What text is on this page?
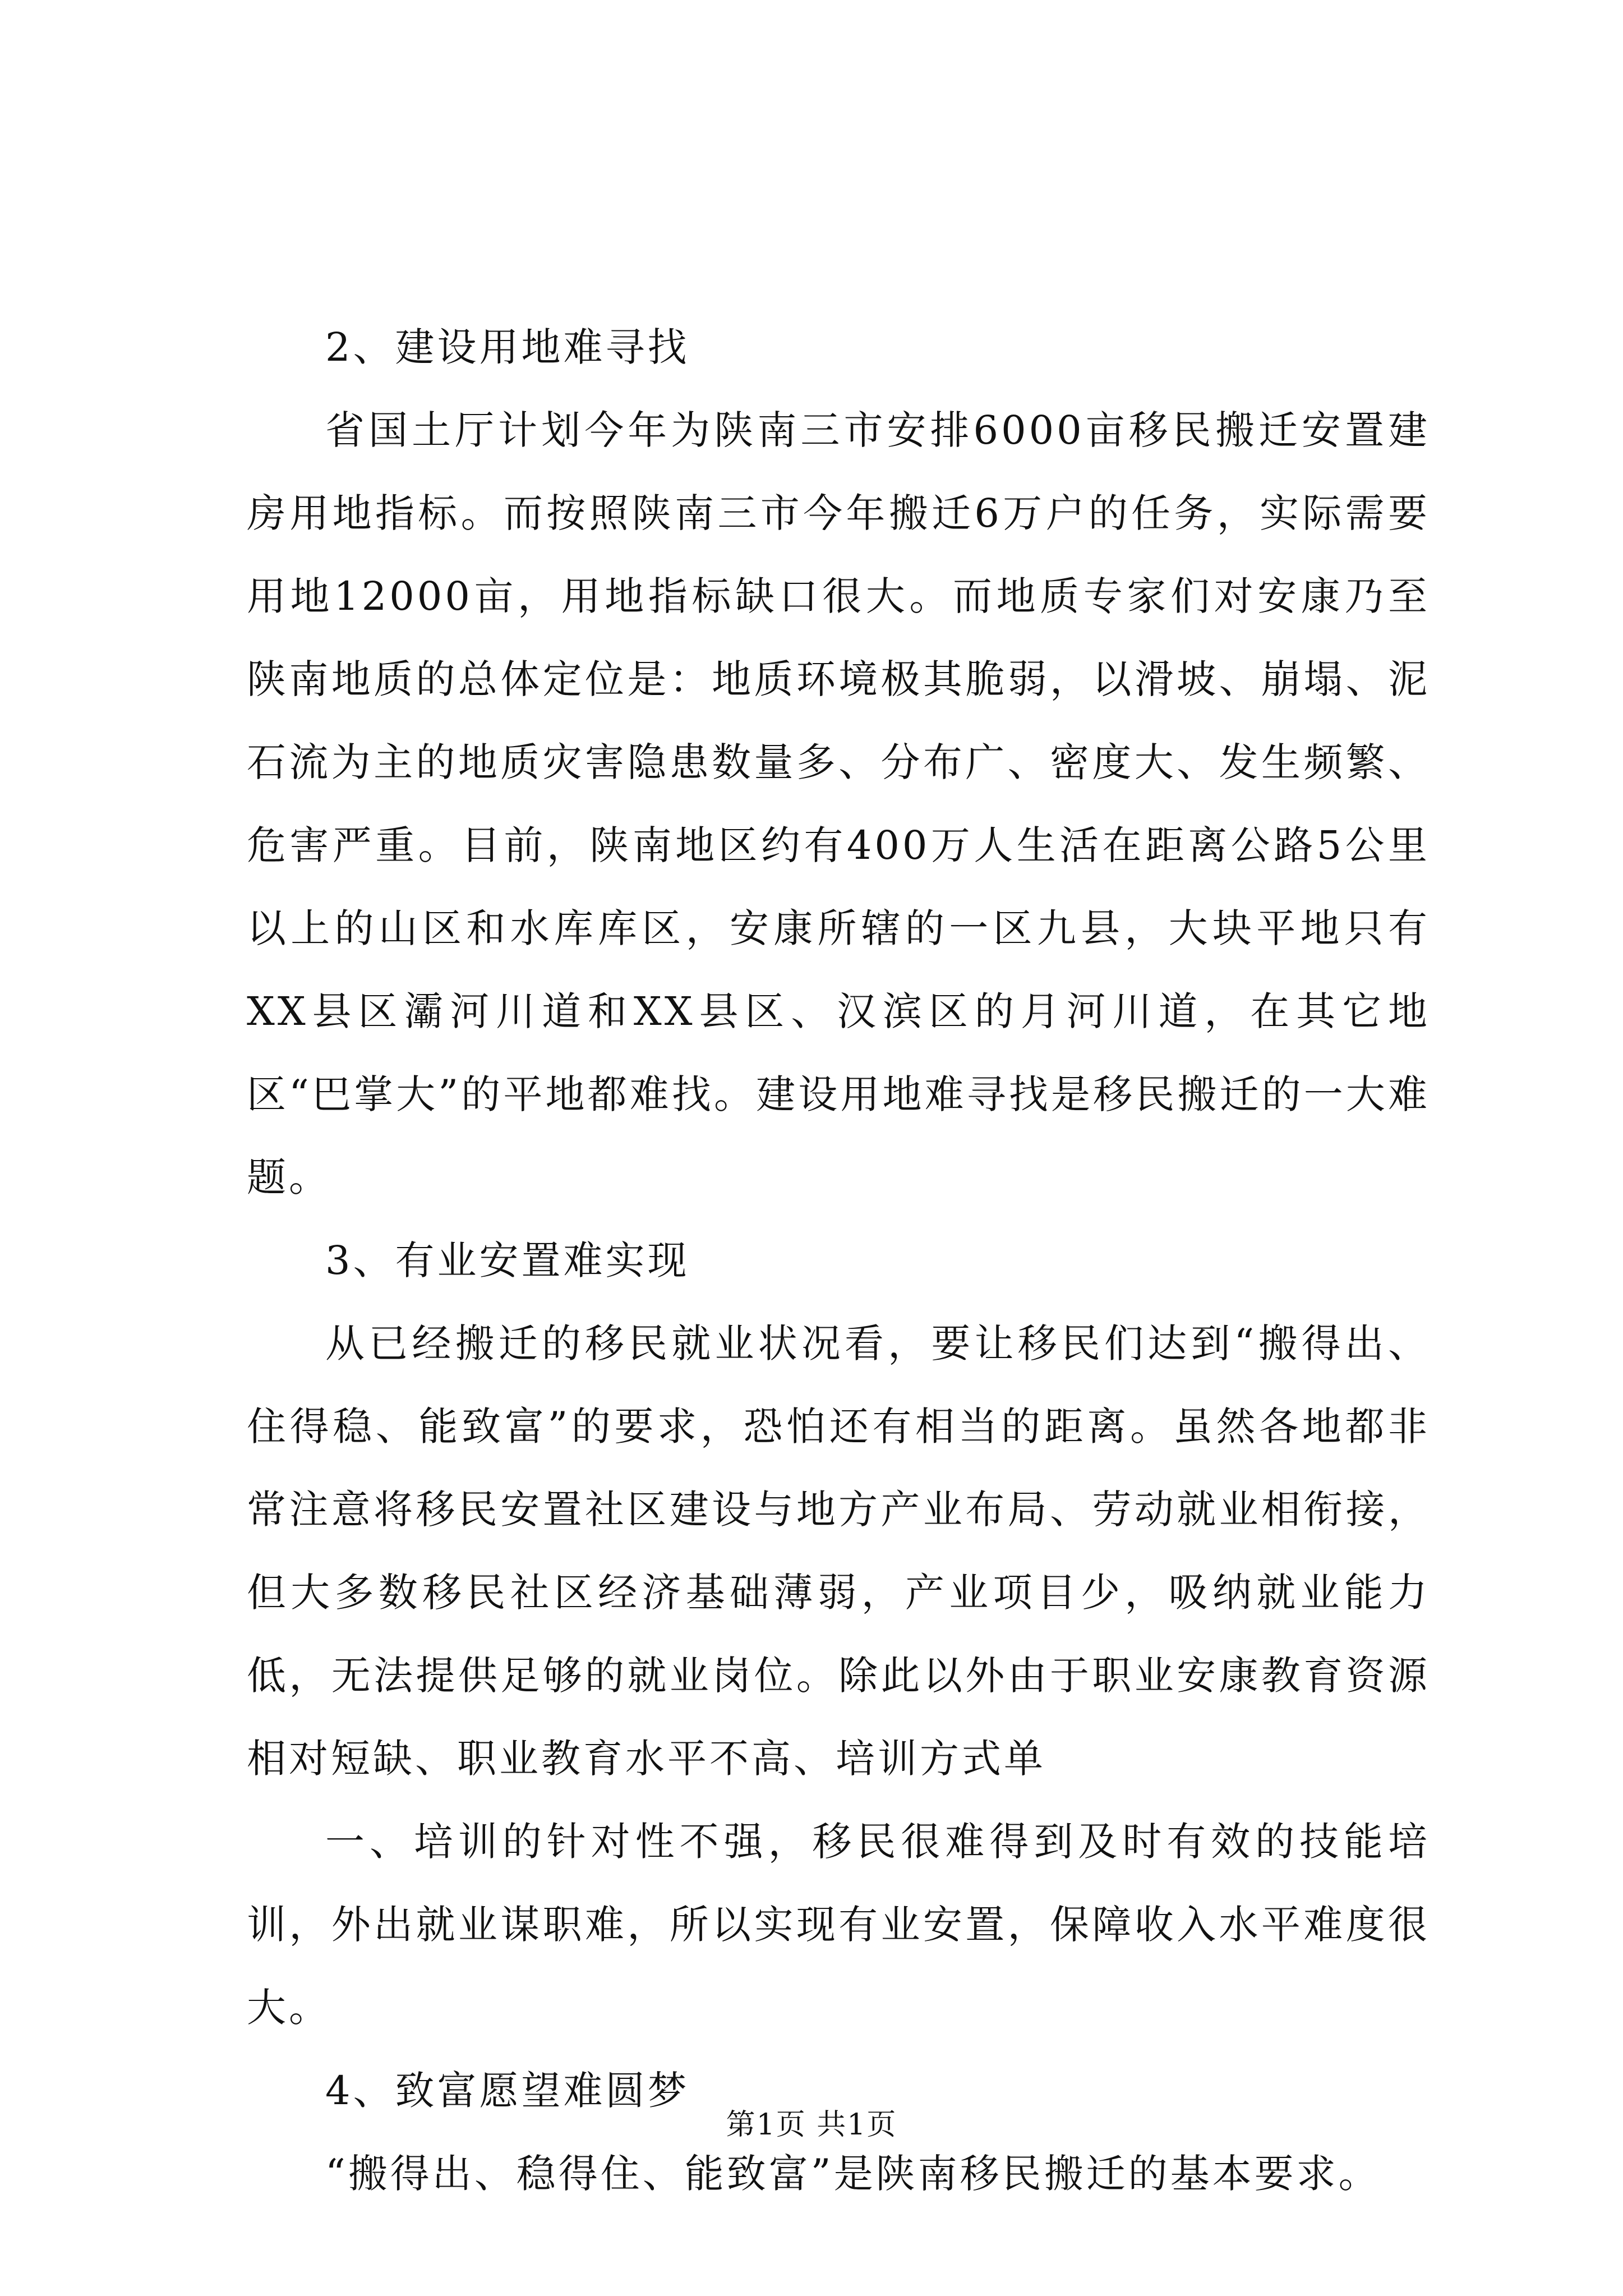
2、建设用地难寻找

省国土厅计划今年为陕南三市安排6000亩移民搬迁安置建房用地指标。而按照陕南三市今年搬迁6万户的任务，实际需要用地12000亩，用地指标缺口很大。而地质专家们对安康乃至陕南地质的总体定位是：地质环境极其脆弱，以滑坡、崩塌、泥石流为主的地质灾害隐患数量多、分布广、密度大、发生频繁、危害严重。目前，陕南地区约有400万人生活在距离公路5公里以上的山区和水库库区，安康所辖的一区九县，大块平地只有XX县区灞河川道和XX县区、汉滨区的月河川道，在其它地区“巴掌大”的平地都难找。建设用地难寻找是移民搬迁的一大难题。

3、有业安置难实现

从已经搬迁的移民就业状况看，要让移民们达到“搬得出、住得稳、能致富”的要求，恐怕还有相当的距离。虽然各地都非常注意将移民安置社区建设与地方产业布局、劳动就业相衔接，但大多数移民社区经济基础薄弱，产业项目少，吸纳就业能力低，无法提供足够的就业岗位。除此以外由于职业安康教育资源相对短缺、职业教育水平不高、培训方式单

一、培训的针对性不强，移民很难得到及时有效的技能培训，外出就业谋职难，所以实现有业安置，保障收入水平难度很大。

4、致富愿望难圆梦

“搬得出、稳得住、能致富”是陕南移民搬迁的基本要求。

第1页 共1页
